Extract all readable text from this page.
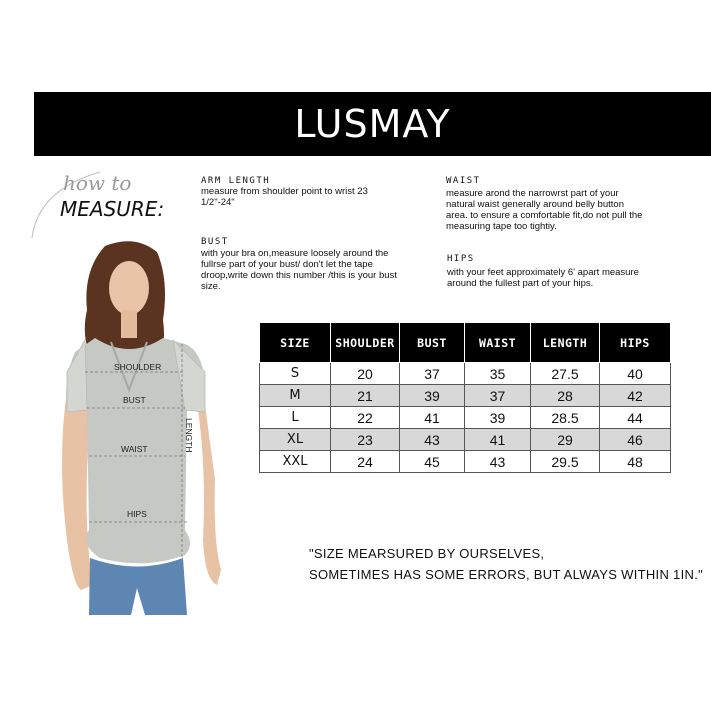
LUSMAY
how to
MEASURE:
ARM LENGTH
measure from shoulder point to wrist 23 1/2"-24"
BUST
with your bra on,measure loosely around the fullrse part of your bust/ don't let the tape droop,write down this number /this is your bust size.
WAIST
measure arond the narrowrst part of your natural waist generally around belly button area. to ensure a comfortable fit,do not pull the measuring tape too tightiy.
HIPS
with your feet approximately 6' apart measure around the fullest part of your hips.
SHOULDER
BUST
WAIST
HIPS
LENGTH
SIZE	SHOULDER	BUST	WAIST	LENGTH	HIPS
S	20	37	35	27.5	40
M	21	39	37	28	42
L	22	41	39	28.5	44
XL	23	43	41	29	46
XXL	24	45	43	29.5	48
"SIZE MEARSURED BY OURSELVES,
SOMETIMES HAS SOME ERRORS, BUT ALWAYS WITHIN 1IN."
